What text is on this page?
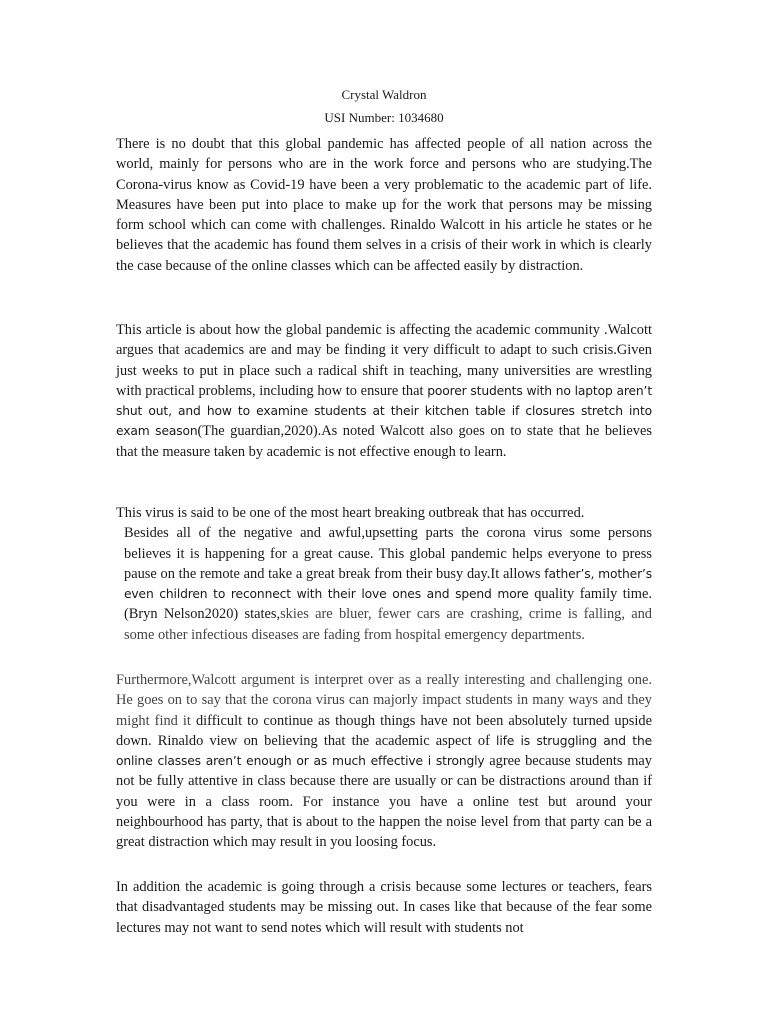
Crystal Waldron
USI Number: 1034680

There is no doubt that this global pandemic has affected people of all nation across the world, mainly for persons who are in the work force and persons who are studying.The Corona-virus know as Covid-19 have been a very problematic to the academic part of life. Measures have been put into place to make up for the work that persons may be missing form school which can come with challenges. Rinaldo Walcott in his article he states or he believes that the academic has found them selves in a crisis of their work in which is clearly the case because of the online classes which can be affected easily by distraction.

This article is about how the global pandemic is affecting the academic community .Walcott argues that academics are and may be finding it very difficult to adapt to such crisis.Given just weeks to put in place such a radical shift in teaching, many universities are wrestling with practical problems, including how to ensure that poorer students with no laptop aren’t shut out, and how to examine students at their kitchen table if closures stretch into exam season(The guardian,2020).As noted Walcott also goes on to state that he believes that the measure taken by academic is not effective enough to learn.

This virus is said to be one of the most heart breaking outbreak that has occurred.
Besides all of the negative and awful,upsetting parts the corona virus some persons believes it is happening for a great cause. This global pandemic helps everyone to press pause on the remote and take a great break from their busy day.It allows father’s, mother’s even children to reconnect with their love ones and spend more quality family time.(Bryn Nelson2020) states,skies are bluer, fewer cars are crashing, crime is falling, and some other infectious diseases are fading from hospital emergency departments.

Furthermore,Walcott argument is interpret over as a really interesting and challenging one. He goes on to say that the corona virus can majorly impact students in many ways and they might find it difficult to continue as though things have not been absolutely turned upside down. Rinaldo view on believing that the academic aspect of life is struggling and the online classes aren’t enough or as much effective i strongly agree because students may not be fully attentive in class because there are usually or can be distractions around than if you were in a class room. For instance you have a online test but around your neighbourhood has party, that is about to the happen the noise level from that party can be a great distraction which may result in you loosing focus.

In addition the academic is going through a crisis because some lectures or teachers, fears that disadvantaged students may be missing out. In cases like that because of the fear some lectures may not want to send notes which will result with students not
